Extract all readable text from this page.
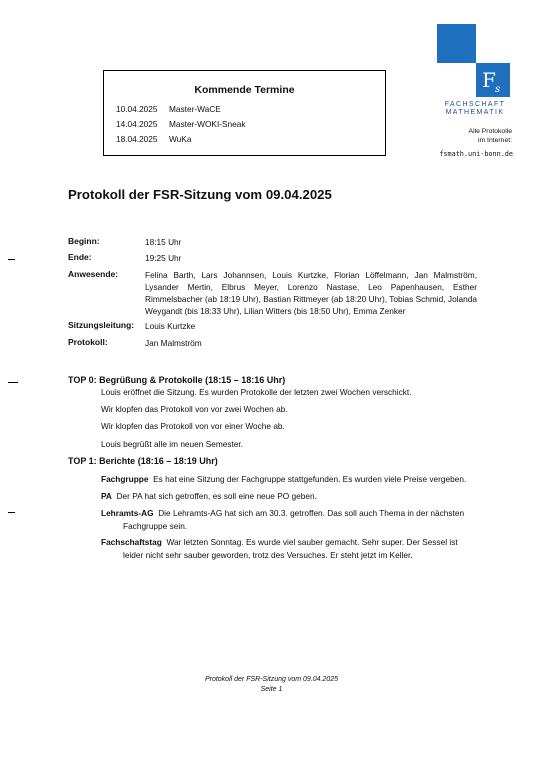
Kommende Termine
10.04.2025 Master-WaCE
14.04.2025 Master-WOKI-Sneak
18.04.2025 WuKa
F s
FACHSCHAFT
MATHEMATIK
Alle Protokolle
im Internet:
fsmath.uni-bonn.de
Protokoll der FSR-Sitzung vom 09.04.2025
Beginn:	18:15 Uhr
Ende:	19:25 Uhr
Anwesende:	Felina Barth, Lars Johannsen, Louis Kurtzke, Florian Löffelmann, Jan Malmström, Lysander Mertin, Elbrus Meyer, Lorenzo Nastase, Leo Papenhausen, Esther Rimmelsbacher (ab 18:19 Uhr), Bastian Rittmeyer (ab 18:20 Uhr), Tobias Schmid, Jolanda Weygandt (bis 18:33 Uhr), Lilian Witters (bis 18:50 Uhr), Emma Zenker
Sitzungsleitung: Louis Kurtzke
Protokoll:	Jan Malmström
TOP 0: Begrüßung & Protokolle (18:15 – 18:16 Uhr)
Louis eröffnet die Sitzung. Es wurden Protokolle der letzten zwei Wochen verschickt.
Wir klopfen das Protokoll von vor zwei Wochen ab.
Wir klopfen das Protokoll von vor einer Woche ab.
Louis begrüßt alle im neuen Semester.
TOP 1: Berichte (18:16 – 18:19 Uhr)
Fachgruppe Es hat eine Sitzung der Fachgruppe stattgefunden. Es wurden viele Preise vergeben.
PA Der PA hat sich getroffen, es soll eine neue PO geben.
Lehramts-AG Die Lehramts-AG hat sich am 30.3. getroffen. Das soll auch Thema in der nächsten
Fachgruppe sein.
Fachschaftstag War letzten Sonntag. Es wurde viel sauber gemacht. Sehr super. Der Sessel ist
leider nicht sehr sauber geworden, trotz des Versuches. Er steht jetzt im Keller.
Protokoll der FSR-Sitzung vom 09.04.2025
Seite 1
